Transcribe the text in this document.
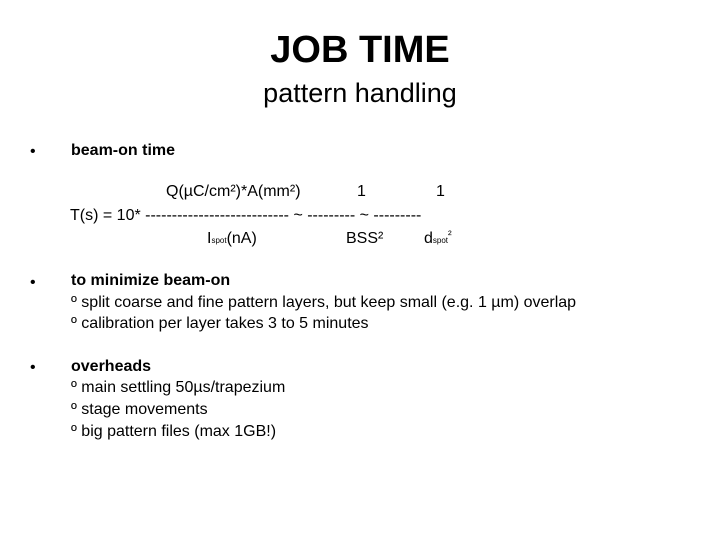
JOB TIME
pattern handling
• beam-on time
Q(µC/cm²)*A(mm²)	1	1
T(s) = 10* --------------------------- ~ --------- ~ ---------
Ispot(nA)	BSS²	dspot$^{^2}$
• to minimize beam-on
º split coarse and fine pattern layers, but keep small (e.g. 1 µm) overlap
º calibration per layer takes 3 to 5 minutes
• overheads
º main settling 50µs/trapezium
º stage movements
º big pattern files (max 1GB!)
